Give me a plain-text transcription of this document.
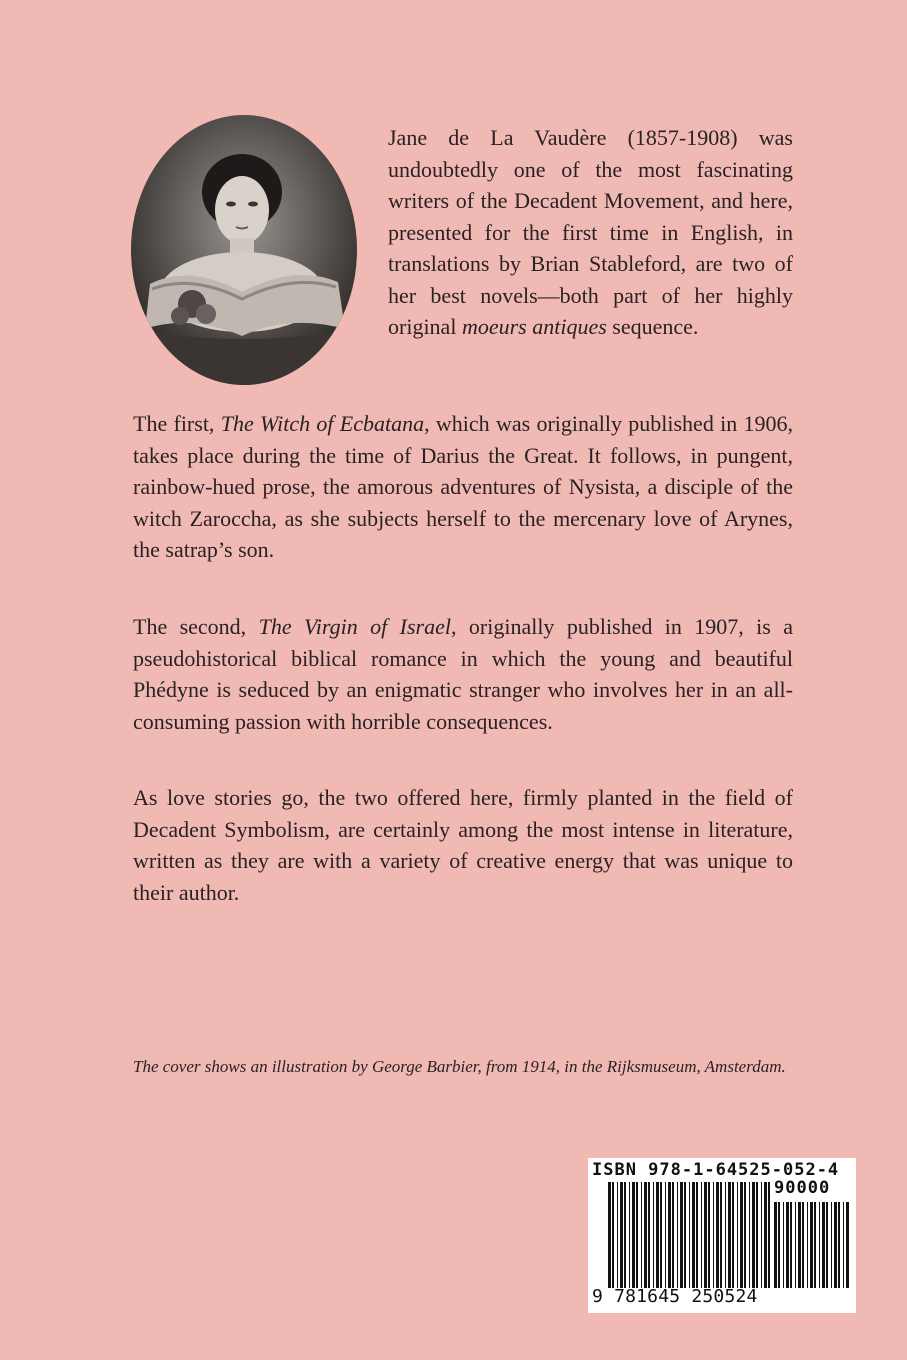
Jane de La Vaudère (1857-1908) was undoubtedly one of the most fascinating writers of the Decadent Movement, and here, presented for the first time in English, in translations by Brian Stableford, are two of her best novels—both part of her highly original moeurs antiques sequence.

The first, The Witch of Ecbatana, which was originally published in 1906, takes place during the time of Darius the Great. It follows, in pungent, rainbow-hued prose, the amorous adventures of Nysista, a disciple of the witch Zaroccha, as she subjects herself to the mercenary love of Arynes, the satrap’s son.

The second, The Virgin of Israel, originally published in 1907, is a pseudohistorical biblical romance in which the young and beautiful Phédyne is seduced by an enigmatic stranger who involves her in an all-consuming passion with horrible consequences.

As love stories go, the two offered here, firmly planted in the field of Decadent Symbolism, are certainly among the most intense in literature, written as they are with a variety of creative energy that was unique to their author.

The cover shows an illustration by George Barbier, from 1914, in the Rijksmuseum, Amsterdam.

ISBN 978-1-64525-052-4
90000
9 781645 250524
